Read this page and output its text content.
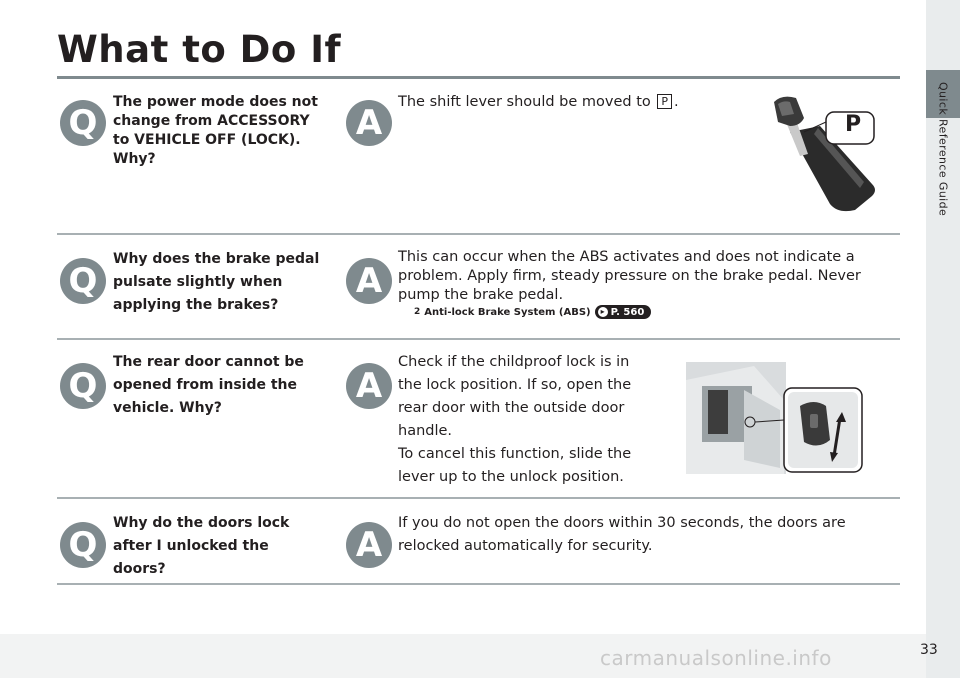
Quick Reference Guide
What to Do If
Q
The power mode does not change from ACCESSORY to VEHICLE OFF (LOCK). Why?
A
The shift lever should be moved to P .
P
Q
Why does the brake pedal pulsate slightly when applying the brakes?
A
This can occur when the ABS activates and does not indicate a problem. Apply firm, steady pressure on the brake pedal. Never pump the brake pedal.
2 Anti-lock Brake System (ABS)	▸ P. 560
Q
The rear door cannot be opened from inside the vehicle. Why?
A
Check if the childproof lock is in
the lock position. If so, open the
rear door with the outside door
handle.
To cancel this function, slide the
lever up to the unlock position.
Q
Why do the doors lock after I unlocked the doors?
A
If you do not open the doors within 30 seconds, the doors are relocked automatically for security.
carmanualsonline.info	33
